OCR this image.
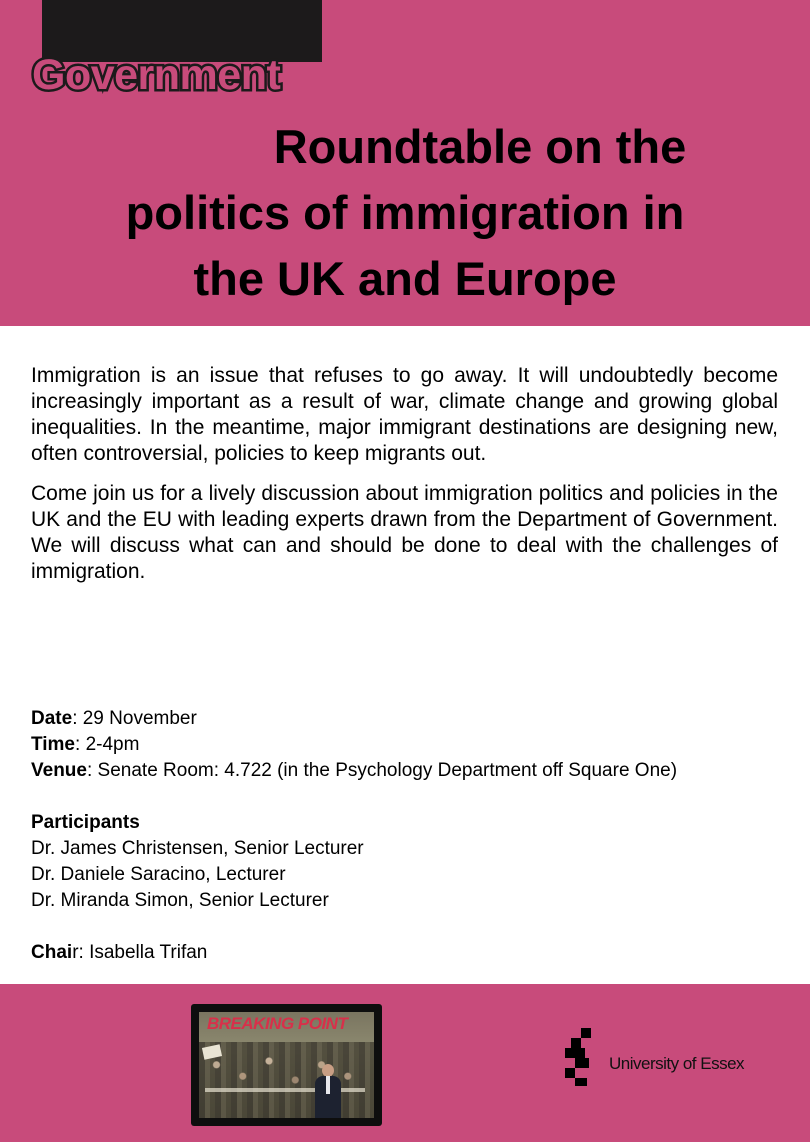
Government
Roundtable on the
politics of immigration in
the UK and Europe

Immigration is an issue that refuses to go away. It will undoubtedly become increasingly important as a result of war, climate change and growing global inequalities. In the meantime, major immigrant destinations are designing new, often controversial, policies to keep migrants out.

Come join us for a lively discussion about immigration politics and policies in the UK and the EU with leading experts drawn from the Department of Government. We will discuss what can and should be done to deal with the challenges of immigration.

Date: 29 November
Time: 2-4pm
Venue: Senate Room: 4.722 (in the Psychology Department off Square One)
Participants
Dr. James Christensen, Senior Lecturer
Dr. Daniele Saracino, Lecturer
Dr. Miranda Simon, Senior Lecturer
Chair: Isabella Trifan
BREAKING POINT
University of Essex
